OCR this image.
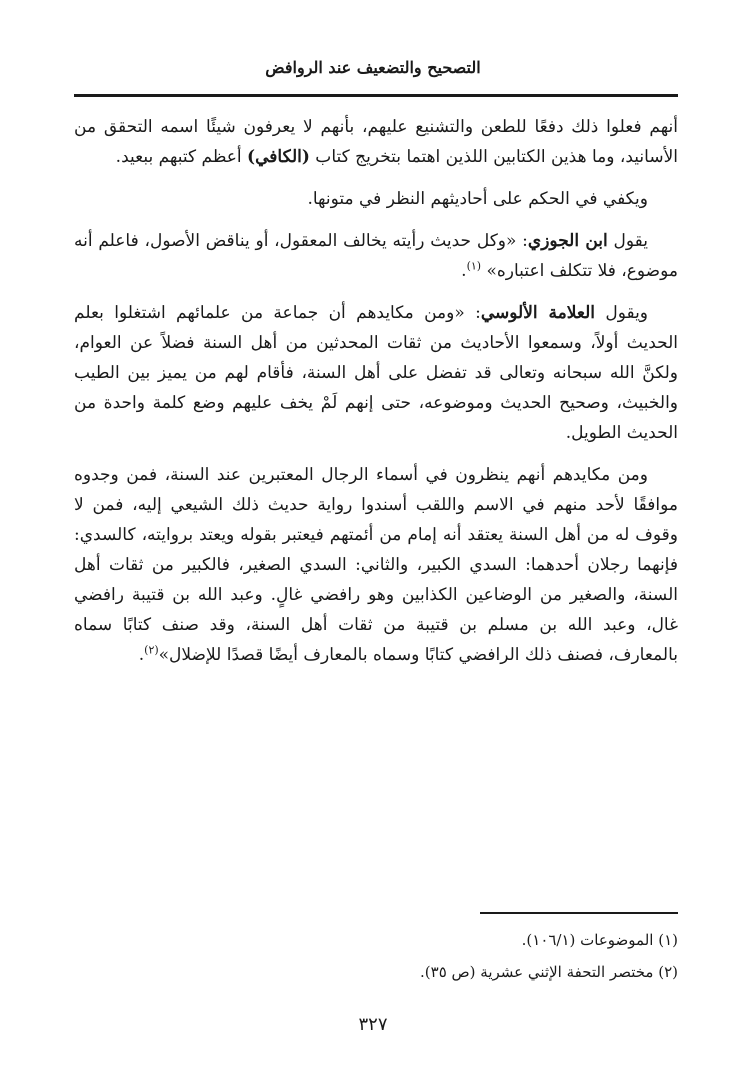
التصحيح والتضعيف عند الروافض

أنهم فعلوا ذلك دفعًا للطعن والتشنيع عليهم، بأنهم لا يعرفون شيئًا اسمه التحقق من الأسانيد، وما هذين الكتابين اللذين اهتما بتخريج كتاب (الكافي) أعظم كتبهم ببعيد.

ويكفي في الحكم على أحاديثهم النظر في متونها.

يقول ابن الجوزي: «وكل حديث رأيته يخالف المعقول، أو يناقض الأصول، فاعلم أنه موضوع، فلا تتكلف اعتباره» $^{(١)}$.

ويقول العلامة الألوسي: «ومن مكايدهم أن جماعة من علمائهم اشتغلوا بعلم الحديث أولاً، وسمعوا الأحاديث من ثقات المحدثين من أهل السنة فضلاً عن العوام، ولكنَّ الله سبحانه وتعالى قد تفضل على أهل السنة، فأقام لهم من يميز بين الطيب والخبيث، وصحيح الحديث وموضوعه، حتى إنهم لَمْ يخف عليهم وضع كلمة واحدة من الحديث الطويل.

ومن مكايدهم أنهم ينظرون في أسماء الرجال المعتبرين عند السنة، فمن وجدوه موافقًا لأحد منهم في الاسم واللقب أسندوا رواية حديث ذلك الشيعي إليه، فمن لا وقوف له من أهل السنة يعتقد أنه إمام من أئمتهم فيعتبر بقوله ويعتد بروايته، كالسدي: فإنهما رجلان أحدهما: السدي الكبير، والثاني: السدي الصغير، فالكبير من ثقات أهل السنة، والصغير من الوضاعين الكذابين وهو رافضي غالٍ. وعبد الله بن قتيبة رافضي غال، وعبد الله بن مسلم بن قتيبة من ثقات أهل السنة، وقد صنف كتابًا سماه بالمعارف، فصنف ذلك الرافضي كتابًا وسماه بالمعارف أيضًا قصدًا للإضلال»$^{(٢)}$.

(١) الموضوعات (١٠٦/١).
(٢) مختصر التحفة الإثني عشرية (ص ٣٥).
٣٢٧
